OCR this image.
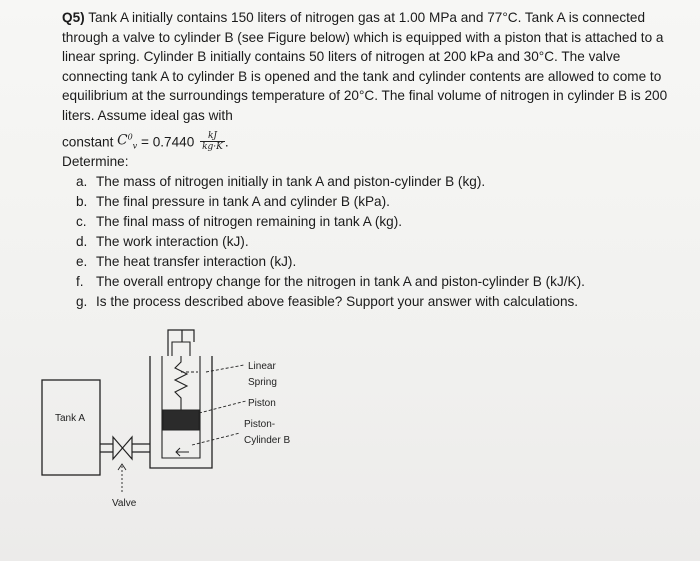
Q5) Tank A initially contains 150 liters of nitrogen gas at 1.00 MPa and 77°C. Tank A is connected through a valve to cylinder B (see Figure below) which is equipped with a piston that is attached to a linear spring. Cylinder B initially contains 50 liters of nitrogen at 200 kPa and 30°C. The valve connecting tank A to cylinder B is opened and the tank and cylinder contents are allowed to come to equilibrium at the surroundings temperature of 20°C. The final volume of nitrogen in cylinder B is 200 liters. Assume ideal gas with

constant $C^0_v = 0.7440 \frac{kJ}{kg\cdot K}$ .

Determine:

a. The mass of nitrogen initially in tank A and piston-cylinder B (kg).
b. The final pressure in tank A and cylinder B (kPa).
c. The final mass of nitrogen remaining in tank A (kg).
d. The work interaction (kJ).
e. The heat transfer interaction (kJ).
f. The overall entropy change for the nitrogen in tank A and piston-cylinder B (kJ/K).
g. Is the process described above feasible? Support your answer with calculations.
Tank A
Valve
Linear
Spring
Piston
Piston-
Cylinder B
